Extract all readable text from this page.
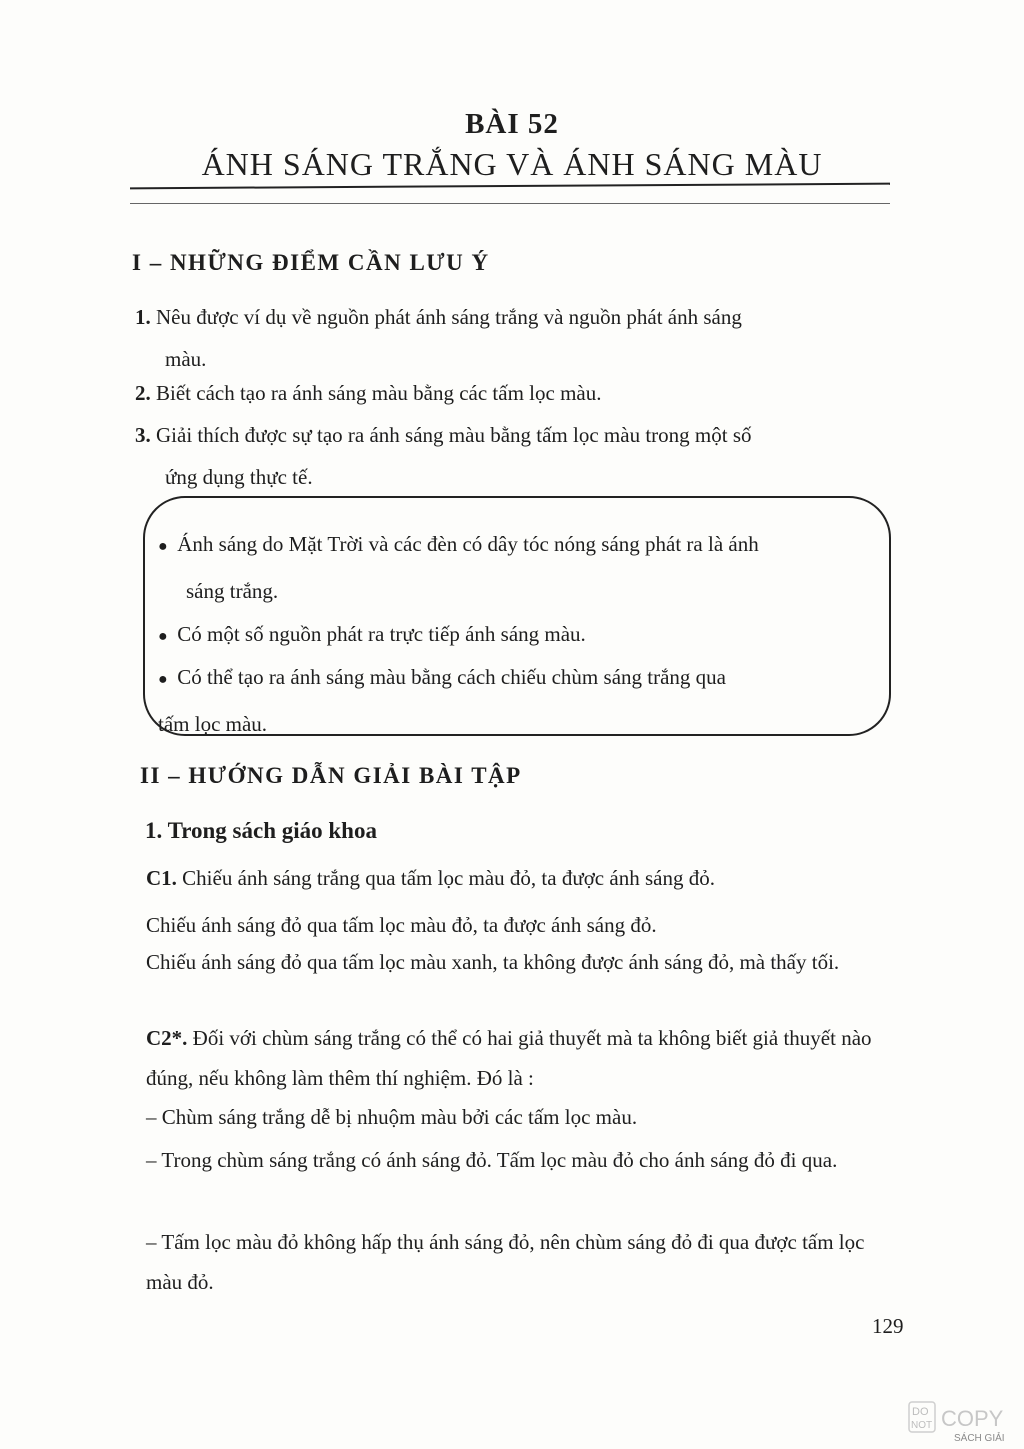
BÀI 52
ÁNH SÁNG TRẮNG VÀ ÁNH SÁNG MÀU
I – NHỮNG ĐIỂM CẦN LƯU Ý
1. Nêu được ví dụ về nguồn phát ánh sáng trắng và nguồn phát ánh sáng
màu.
2. Biết cách tạo ra ánh sáng màu bằng các tấm lọc màu.
3. Giải thích được sự tạo ra ánh sáng màu bằng tấm lọc màu trong một số
ứng dụng thực tế.
● Ánh sáng do Mặt Trời và các đèn có dây tóc nóng sáng phát ra là ánh
sáng trắng.
● Có một số nguồn phát ra trực tiếp ánh sáng màu.
● Có thể tạo ra ánh sáng màu bằng cách chiếu chùm sáng trắng qua
tấm lọc màu.
II – HƯỚNG DẪN GIẢI BÀI TẬP
1. Trong sách giáo khoa
C1. Chiếu ánh sáng trắng qua tấm lọc màu đỏ, ta được ánh sáng đỏ.
Chiếu ánh sáng đỏ qua tấm lọc màu đỏ, ta được ánh sáng đỏ.
Chiếu ánh sáng đỏ qua tấm lọc màu xanh, ta không được ánh sáng đỏ, mà thấy tối.
C2*. Đối với chùm sáng trắng có thể có hai giả thuyết mà ta không biết giả thuyết nào đúng, nếu không làm thêm thí nghiệm. Đó là :
– Chùm sáng trắng dễ bị nhuộm màu bởi các tấm lọc màu.
– Trong chùm sáng trắng có ánh sáng đỏ. Tấm lọc màu đỏ cho ánh sáng đỏ đi qua.
– Tấm lọc màu đỏ không hấp thụ ánh sáng đỏ, nên chùm sáng đỏ đi qua được tấm lọc màu đỏ.
129
DO
NOT COPY
SÁCH GIẢI
